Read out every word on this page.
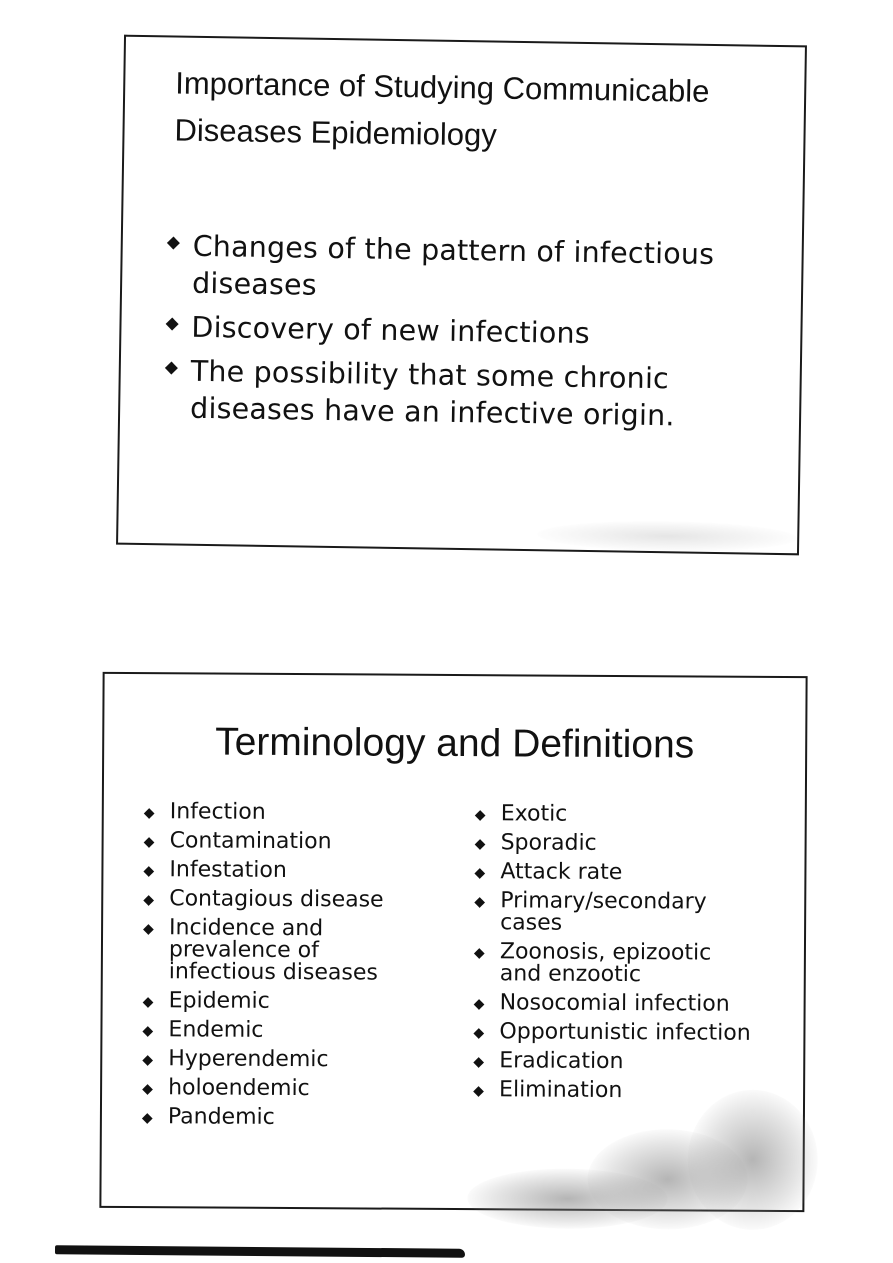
Importance of Studying Communicable
Diseases Epidemiology
◆ Changes of the pattern of infectious diseases
◆ Discovery of new infections
◆ The possibility that some chronic diseases have an infective origin.
Terminology and Definitions
◆ Infection
◆ Contamination
◆ Infestation
◆ Contagious disease
◆ Incidence and prevalence of infectious diseases
◆ Epidemic
◆ Endemic
◆ Hyperendemic
◆ holoendemic
◆ Pandemic
◆ Exotic
◆ Sporadic
◆ Attack rate
◆ Primary/secondary cases
◆ Zoonosis, epizootic and enzootic
◆ Nosocomial infection
◆ Opportunistic infection
◆ Eradication
◆ Elimination
